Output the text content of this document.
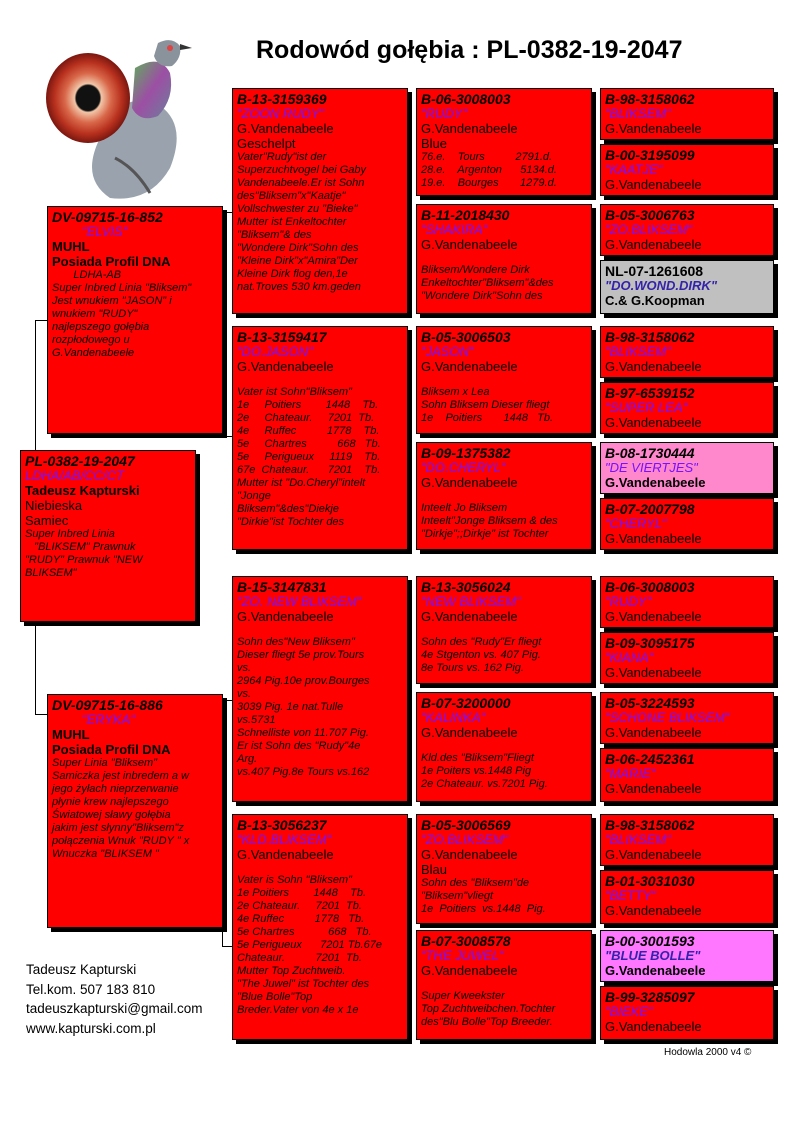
Rodowód gołębia : PL-0382-19-2047
PL-0382-19-2047
LDHA/AB/CC/CT
Tadeusz Kapturski
Niebieska
Samiec
Super Inbred Linia
"BLIKSEM" Prawnuk
"RUDY" Prawnuk "NEW
BLIKSEM"
DV-09715-16-852
"ELVIS"
MUHL
Posiada Profil DNA
LDHA-AB
Super Inbred Linia "Bliksem"
Jest wnukiem "JASON" i
wnukiem "RUDY"
najlepszego gołębia
rozpłodowego u
G.Vandenabeele
DV-09715-16-886
"ERYKA"
MUHL
Posiada Profil DNA
Super Linia "Bliksem"
Samiczka jest inbredem a w
jego żyłach nieprzerwanie
płynie krew najlepszego
Światowej sławy gołębia
jakim jest słynny"Bliksem"z
połączenia Wnuk "RUDY " x
Wnuczka "BLIKSEM "
B-13-3159369
"ZOON RUDY"
G.Vandenabeele
Geschelpt
Vater"Rudy"ist der
Superzuchtvogel bei Gaby
Vandenabeele.Er ist Sohn
des"Bliksem"x"Kaatje"
Vollschwester zu "Bieke"
Mutter ist Enkeltochter
"Bliksem"& des
"Wondere Dirk"Sohn des
"Kleine Dirk"x"Amira"Der
Kleine Dirk flog den,1e
nat.Troves 530 km.geden
B-13-3159417
"DO.JASON"
G.Vandenabeele
Vater ist Sohn"Bliksem"
1e     Poitiers        1448    Tb.
2e     Chateaur.     7201  Tb.
4e     Ruffec          1778    Tb.
5e     Chartres          668   Tb.
5e     Perigueux     1119    Tb.
67e  Chateaur.      7201    Tb.
Mutter ist "Do.Cheryl"intelt
"Jonge
Bliksem"&des"Diekje
"Dirkie"ist Tochter des
B-15-3147831
"ZO. NEW BLIKSEM"
G.Vandenabeele
Sohn des"New Bliksem"
Dieser fliegt 5e prov.Tours
vs.
2964 Pig.10e prov.Bourges
vs.
3039 Pig. 1e nat.Tulle
vs.5731
Schnelliste von 11.707 Pig.
Er ist Sohn des "Rudy"4e
Arg.
vs.407 Pig.8e Tours vs.162
B-13-3056237
"KLD.BLIKSEM"
G.Vandenabeele
Vater is Sohn "Bliksem"
1e Poitiers        1448    Tb.
2e Chateaur.     7201  Tb.
4e Ruffec          1778   Tb.
5e Chartres           668   Tb.
5e Perigueux      7201 Tb.67e
Chateaur.          7201  Tb.
Mutter Top Zuchtweib.
"The Juwel" ist Tochter des
"Blue Bolle"Top
Breder.Vater von 4e x 1e
B-06-3008003
"RUDY"
G.Vandenabeele
Blue
76.e.    Tours          2791.d.
28.e.    Argenton      5134.d.
19.e.    Bourges       1279.d.
B-11-2018430
"SHAKIRA"
G.Vandenabeele
Bliksem/Wondere Dirk
Enkeltochter"Bliksem"&des
"Wondere Dirk"Sohn des
B-05-3006503
"JASON"
G.Vandenabeele
Bliksem x Lea
Sohn Bliksem Dieser fliegt
1e    Poitiers       1448   Tb.
B-09-1375382
"DO.CHERYL"
G.Vandenabeele
Inteelt Jo Bliksem
Inteelt"Jonge Bliksem & des
"Dirkje";;Dirkje" ist Tochter
B-13-3056024
"NEW BLIKSEM"
G.Vandenabeele
Sohn des "Rudy"Er fliegt
4e Stgenton vs. 407 Pig.
8e Tours vs. 162 Pig.
B-07-3200000
"KALINKA"
G.Vandenabeele
Kld.des "Bliksem"Fliegt
1e Poiters vs.1448 Pig
2e Chateaur. vs.7201 Pig.
B-05-3006569
"ZO.BLIKSEM"
G.Vandenabeele
Blau
Sohn des "Bliksem"de
"Bliksem"vliegt
1e  Poitiers  vs.1448  Pig.
B-07-3008578
"THE JUWEL"
G.Vandenabeele
Super Kweekster
Top Zuchtweibchen.Tochter
des"Blu Bolle"Top Breeder.
B-98-3158062
"BLIKSEM"
G.Vandenabeele
B-00-3195099
"KAATJE"
G.Vandenabeele
B-05-3006763
"ZO.BLIKSEM"
G.Vandenabeele
NL-07-1261608
"DO.WOND.DIRK"
C.& G.Koopman
B-98-3158062
"BLIKSEM"
G.Vandenabeele
B-97-6539152
"SUPER LEA"
G.Vandenabeele
B-08-1730444
"DE VIERTJES"
G.Vandenabeele
B-07-2007798
"CHERYL"
G.Vandenabeele
B-06-3008003
"RUDY"
G.Vandenabeele
B-09-3095175
"KIANA"
G.Vandenabeele
B-05-3224593
"SCHONE BLIKSEM"
G.Vandenabeele
B-06-2452361
"MARIE"
G.Vandenabeele
B-98-3158062
"BLIKSEM"
G.Vandenabeele
B-01-3031030
"BETTY"
G.Vandenabeele
B-00-3001593
"BLUE BOLLE"
G.Vandenabeele
B-99-3285097
"BIEKE"
G.Vandenabeele
Tadeusz Kapturski
Tel.kom. 507 183 810
tadeuszkapturski@gmail.com
www.kapturski.com.pl
Hodowla 2000 v4 ©
